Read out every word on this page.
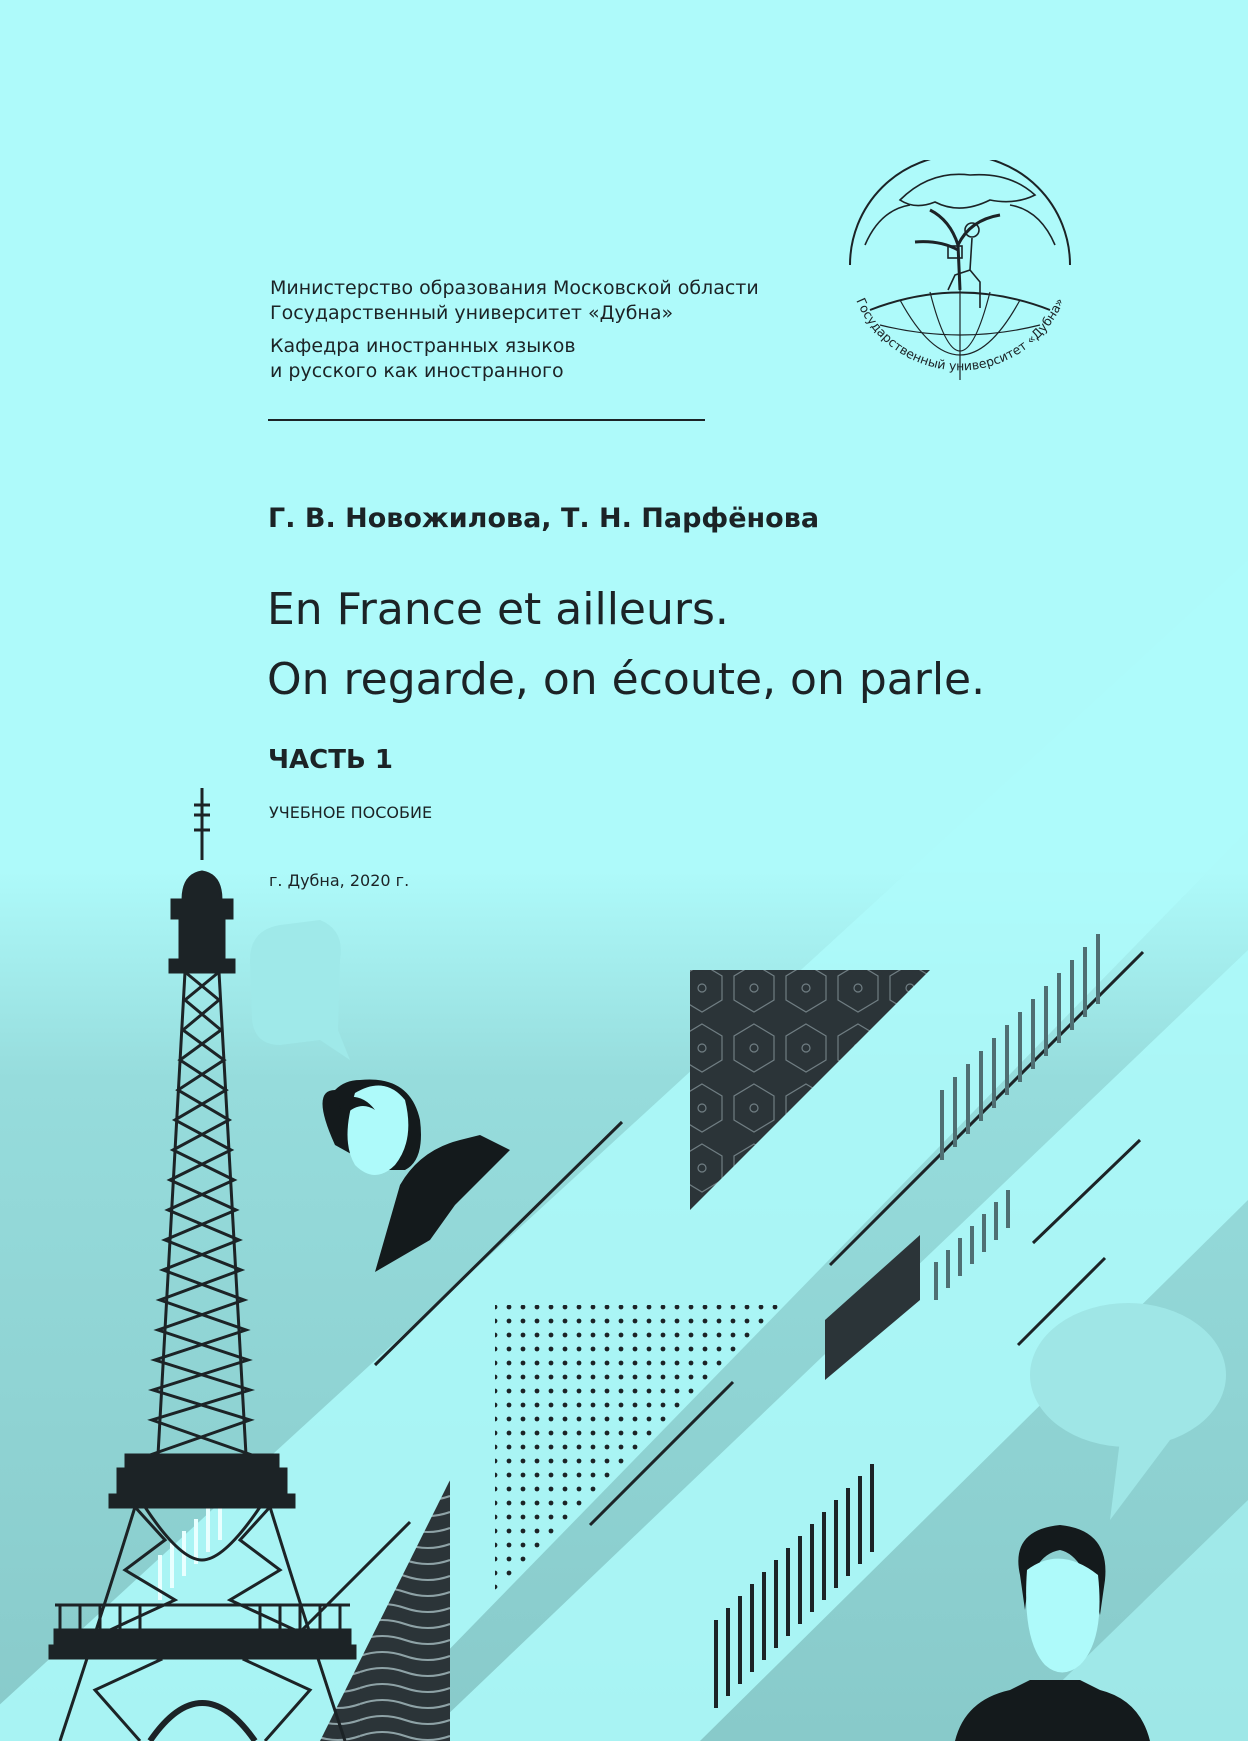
Государственный университет «Дубна»
Министерство образования Московской области
Государственный университет «Дубна»
Кафедра иностранных языков
и русского как иностранного
Г. В. Новожилова, Т. Н. Парфёнова
En France et ailleurs.
On regarde, on écoute, on parle.
ЧАСТЬ 1
УЧЕБНОЕ ПОСОБИЕ
г. Дубна, 2020 г.
